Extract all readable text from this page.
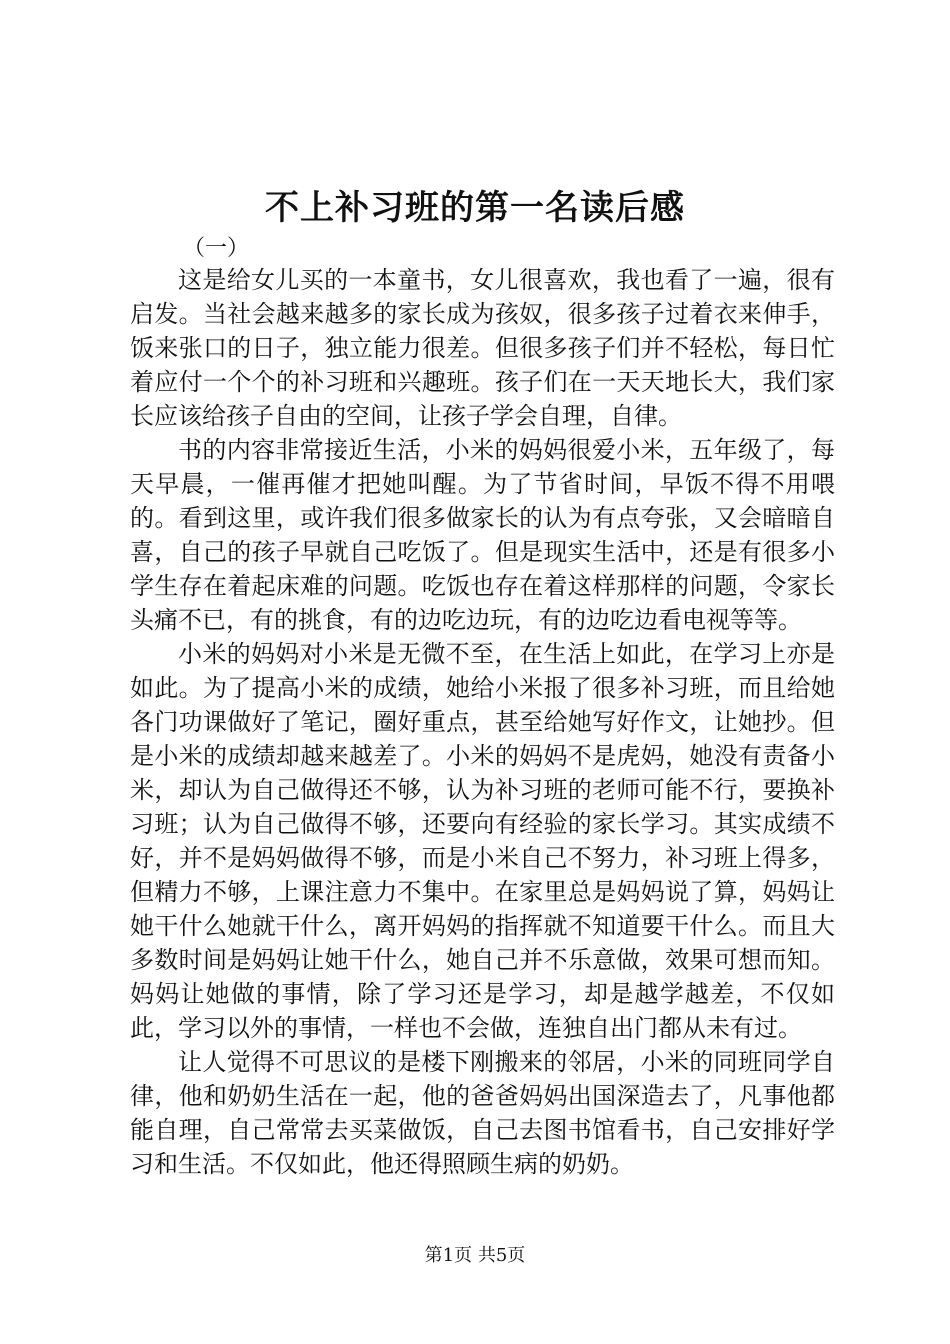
不上补习班的第一名读后感
（一）

这是给女儿买的一本童书，女儿很喜欢，我也看了一遍，很有启发。当社会越来越多的家长成为孩奴，很多孩子过着衣来伸手，饭来张口的日子，独立能力很差。但很多孩子们并不轻松，每日忙着应付一个个的补习班和兴趣班。孩子们在一天天地长大，我们家长应该给孩子自由的空间，让孩子学会自理，自律。

书的内容非常接近生活，小米的妈妈很爱小米，五年级了，每天早晨，一催再催才把她叫醒。为了节省时间，早饭不得不用喂的。看到这里，或许我们很多做家长的认为有点夸张，又会暗暗自喜，自己的孩子早就自己吃饭了。但是现实生活中，还是有很多小学生存在着起床难的问题。吃饭也存在着这样那样的问题，令家长头痛不已，有的挑食，有的边吃边玩，有的边吃边看电视等等。

小米的妈妈对小米是无微不至，在生活上如此，在学习上亦是如此。为了提高小米的成绩，她给小米报了很多补习班，而且给她各门功课做好了笔记，圈好重点，甚至给她写好作文，让她抄。但是小米的成绩却越来越差了。小米的妈妈不是虎妈，她没有责备小米，却认为自己做得还不够，认为补习班的老师可能不行，要换补习班；认为自己做得不够，还要向有经验的家长学习。其实成绩不好，并不是妈妈做得不够，而是小米自己不努力，补习班上得多，但精力不够，上课注意力不集中。在家里总是妈妈说了算，妈妈让她干什么她就干什么，离开妈妈的指挥就不知道要干什么。而且大多数时间是妈妈让她干什么，她自己并不乐意做，效果可想而知。妈妈让她做的事情，除了学习还是学习，却是越学越差，不仅如此，学习以外的事情，一样也不会做，连独自出门都从未有过。

让人觉得不可思议的是楼下刚搬来的邻居，小米的同班同学自律，他和奶奶生活在一起，他的爸爸妈妈出国深造去了，凡事他都能自理，自己常常去买菜做饭，自己去图书馆看书，自己安排好学习和生活。不仅如此，他还得照顾生病的奶奶。

第1页 共5页
